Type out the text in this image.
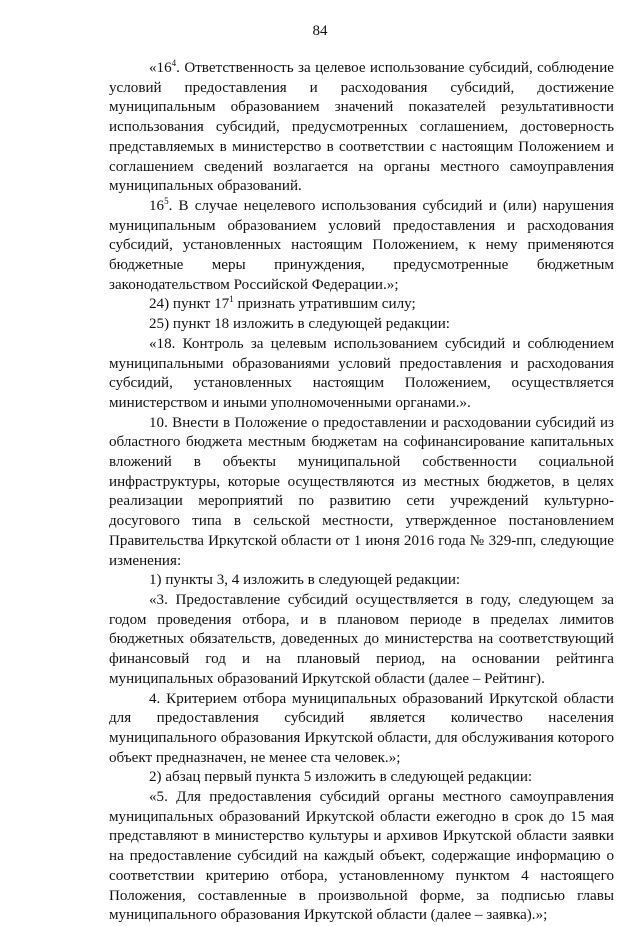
84

«$16^4$. Ответственность за целевое использование субсидий, соблюдение условий предоставления и расходования субсидий, достижение муниципальным образованием значений показателей результативности использования субсидий, предусмотренных соглашением, достоверность представляемых в министерство в соответствии с настоящим Положением и соглашением сведений возлагается на органы местного самоуправления муниципальных образований.

$16^5$. В случае нецелевого использования субсидий и (или) нарушения муниципальным образованием условий предоставления и расходования субсидий, установленных настоящим Положением, к нему применяются бюджетные меры принуждения, предусмотренные бюджетным законодательством Российской Федерации.»;

24) пункт $17^1$ признать утратившим силу;

25) пункт 18 изложить в следующей редакции:

«18. Контроль за целевым использованием субсидий и соблюдением муниципальными образованиями условий предоставления и расходования субсидий, установленных настоящим Положением, осуществляется министерством и иными уполномоченными органами.».

10. Внести в Положение о предоставлении и расходовании субсидий из областного бюджета местным бюджетам на софинансирование капитальных вложений в объекты муниципальной собственности социальной инфраструктуры, которые осуществляются из местных бюджетов, в целях реализации мероприятий по развитию сети учреждений культурно-досугового типа в сельской местности, утвержденное постановлением Правительства Иркутской области от 1 июня 2016 года № 329-пп, следующие изменения:

1) пункты 3, 4 изложить в следующей редакции:

«3. Предоставление субсидий осуществляется в году, следующем за годом проведения отбора, и в плановом периоде в пределах лимитов бюджетных обязательств, доведенных до министерства на соответствующий финансовый год и на плановый период, на основании рейтинга муниципальных образований Иркутской области (далее – Рейтинг).

4. Критерием отбора муниципальных образований Иркутской области для предоставления субсидий является количество населения муниципального образования Иркутской области, для обслуживания которого объект предназначен, не менее ста человек.»;

2) абзац первый пункта 5 изложить в следующей редакции:

«5. Для предоставления субсидий органы местного самоуправления муниципальных образований Иркутской области ежегодно в срок до 15 мая представляют в министерство культуры и архивов Иркутской области заявки на предоставление субсидий на каждый объект, содержащие информацию о соответствии критерию отбора, установленному пунктом 4 настоящего Положения, составленные в произвольной форме, за подписью главы муниципального образования Иркутской области (далее – заявка).»;
